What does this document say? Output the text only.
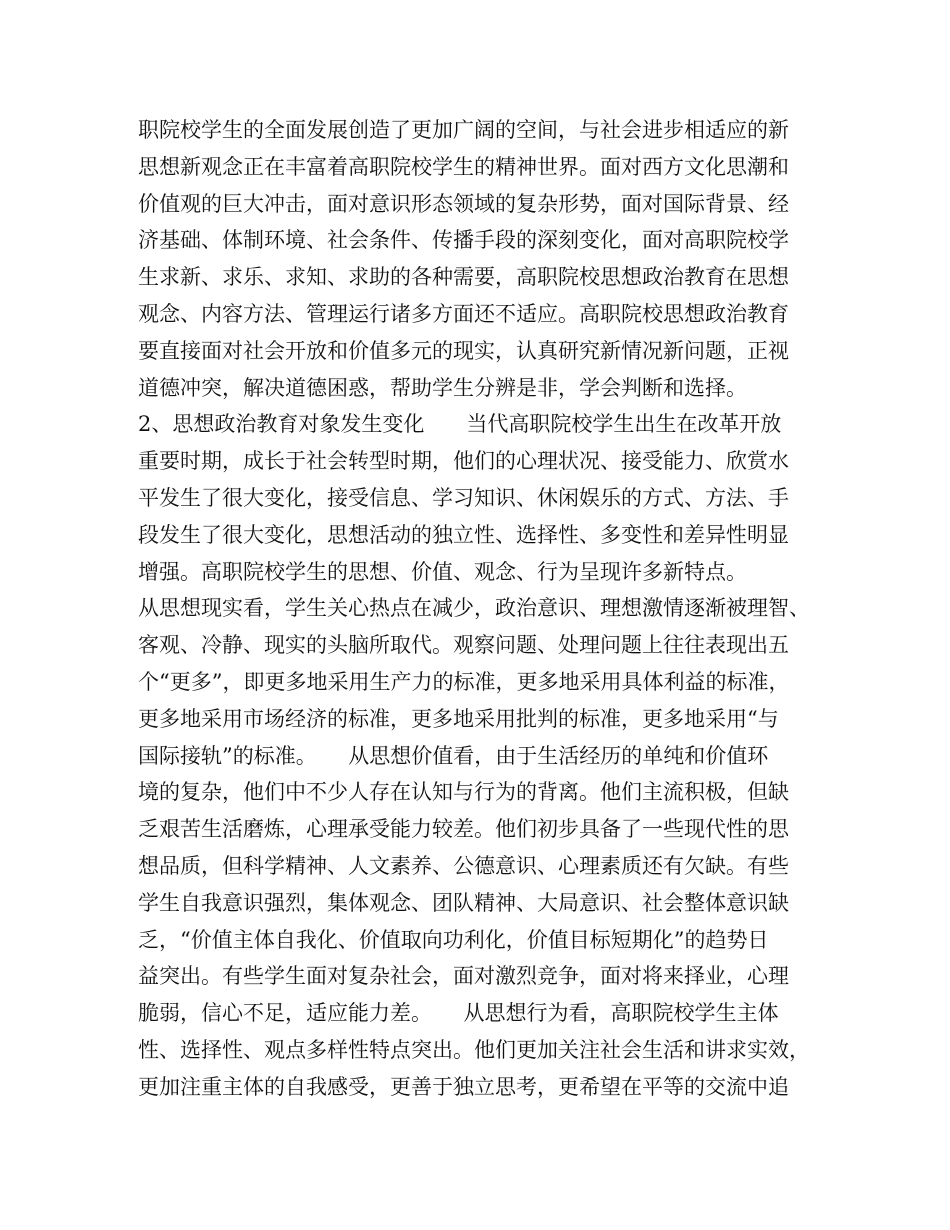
职院校学生的全面发展创造了更加广阔的空间，与社会进步相适应的新
思想新观念正在丰富着高职院校学生的精神世界。面对西方文化思潮和
价值观的巨大冲击，面对意识形态领域的复杂形势，面对国际背景、经
济基础、体制环境、社会条件、传播手段的深刻变化，面对高职院校学
生求新、求乐、求知、求助的各种需要，高职院校思想政治教育在思想
观念、内容方法、管理运行诸多方面还不适应。高职院校思想政治教育
要直接面对社会开放和价值多元的现实，认真研究新情况新问题，正视
道德冲突，解决道德困惑，帮助学生分辨是非，学会判断和选择。
2、思想政治教育对象发生变化　　当代高职院校学生出生在改革开放
重要时期，成长于社会转型时期，他们的心理状况、接受能力、欣赏水
平发生了很大变化，接受信息、学习知识、休闲娱乐的方式、方法、手
段发生了很大变化，思想活动的独立性、选择性、多变性和差异性明显
增强。高职院校学生的思想、价值、观念、行为呈现许多新特点。
从思想现实看，学生关心热点在减少，政治意识、理想激情逐渐被理智、
客观、冷静、现实的头脑所取代。观察问题、处理问题上往往表现出五
个“更多”，即更多地采用生产力的标准，更多地采用具体利益的标准，
更多地采用市场经济的标准，更多地采用批判的标准，更多地采用“与
国际接轨”的标准。　　从思想价值看，由于生活经历的单纯和价值环
境的复杂，他们中不少人存在认知与行为的背离。他们主流积极，但缺
乏艰苦生活磨炼，心理承受能力较差。他们初步具备了一些现代性的思
想品质，但科学精神、人文素养、公德意识、心理素质还有欠缺。有些
学生自我意识强烈，集体观念、团队精神、大局意识、社会整体意识缺
乏，“价值主体自我化、价值取向功利化，价值目标短期化”的趋势日
益突出。有些学生面对复杂社会，面对激烈竞争，面对将来择业，心理
脆弱，信心不足，适应能力差。　　从思想行为看，高职院校学生主体
性、选择性、观点多样性特点突出。他们更加关注社会生活和讲求实效，
更加注重主体的自我感受，更善于独立思考，更希望在平等的交流中追
